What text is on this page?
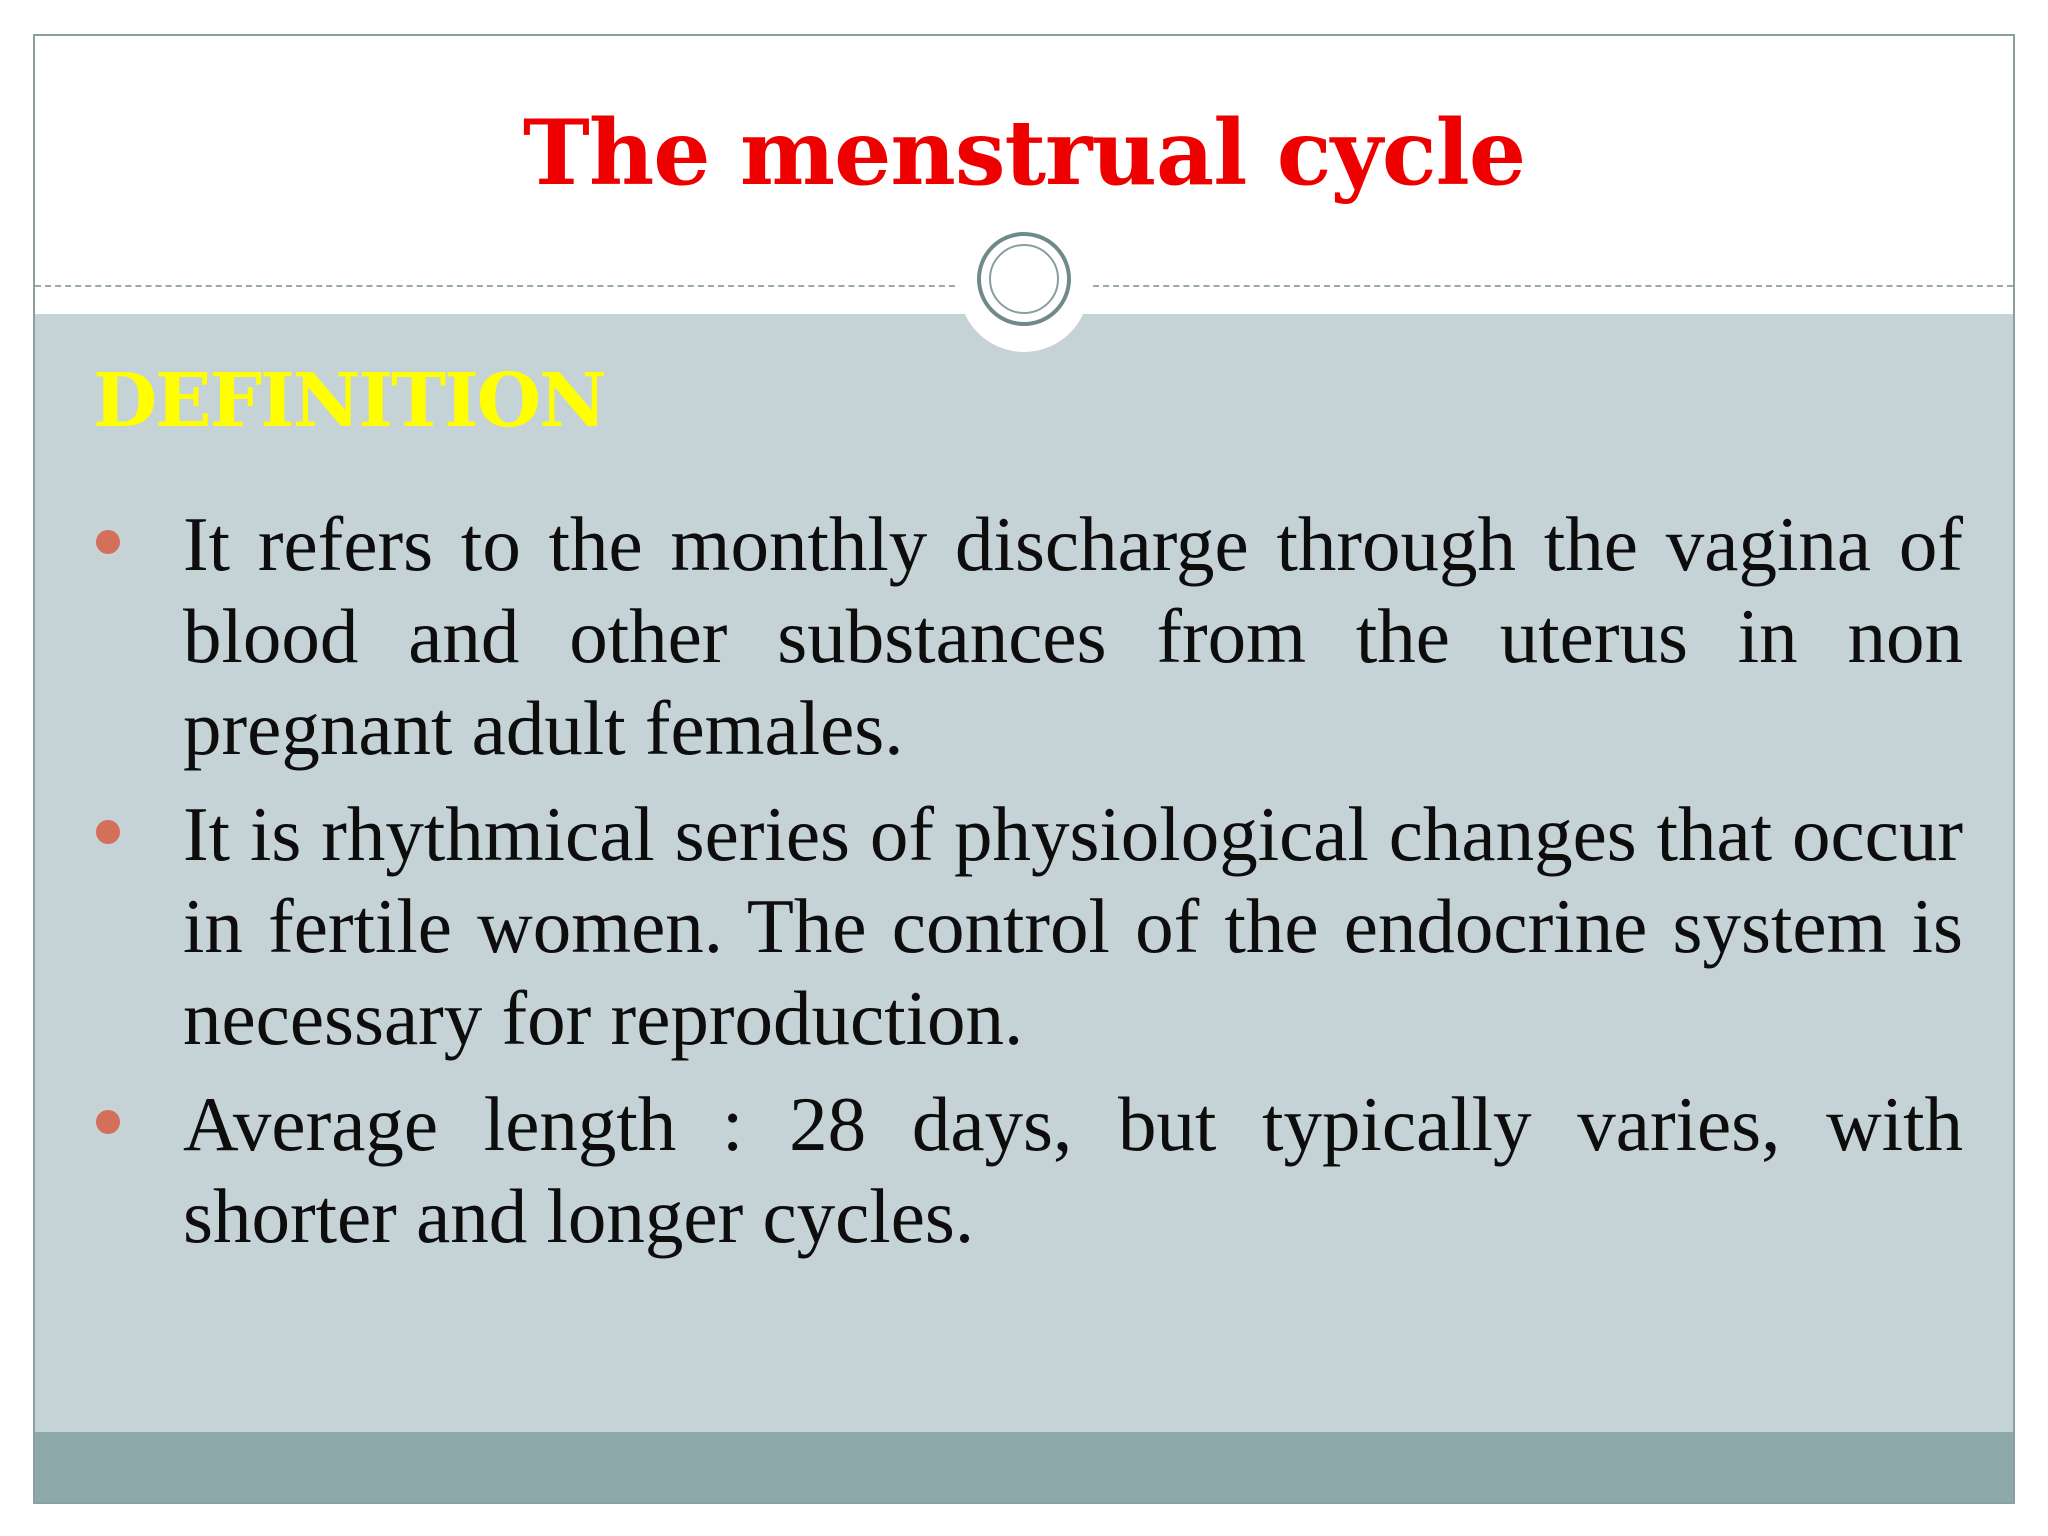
The menstrual cycle
DEFINITION
It refers to the monthly discharge through the vagina of blood and other substances from the uterus in non pregnant adult females.
It is rhythmical series of physiological changes that occur in fertile women. The control of the endocrine system is necessary for reproduction.
Average length : 28 days, but typically varies, with shorter and longer cycles.
